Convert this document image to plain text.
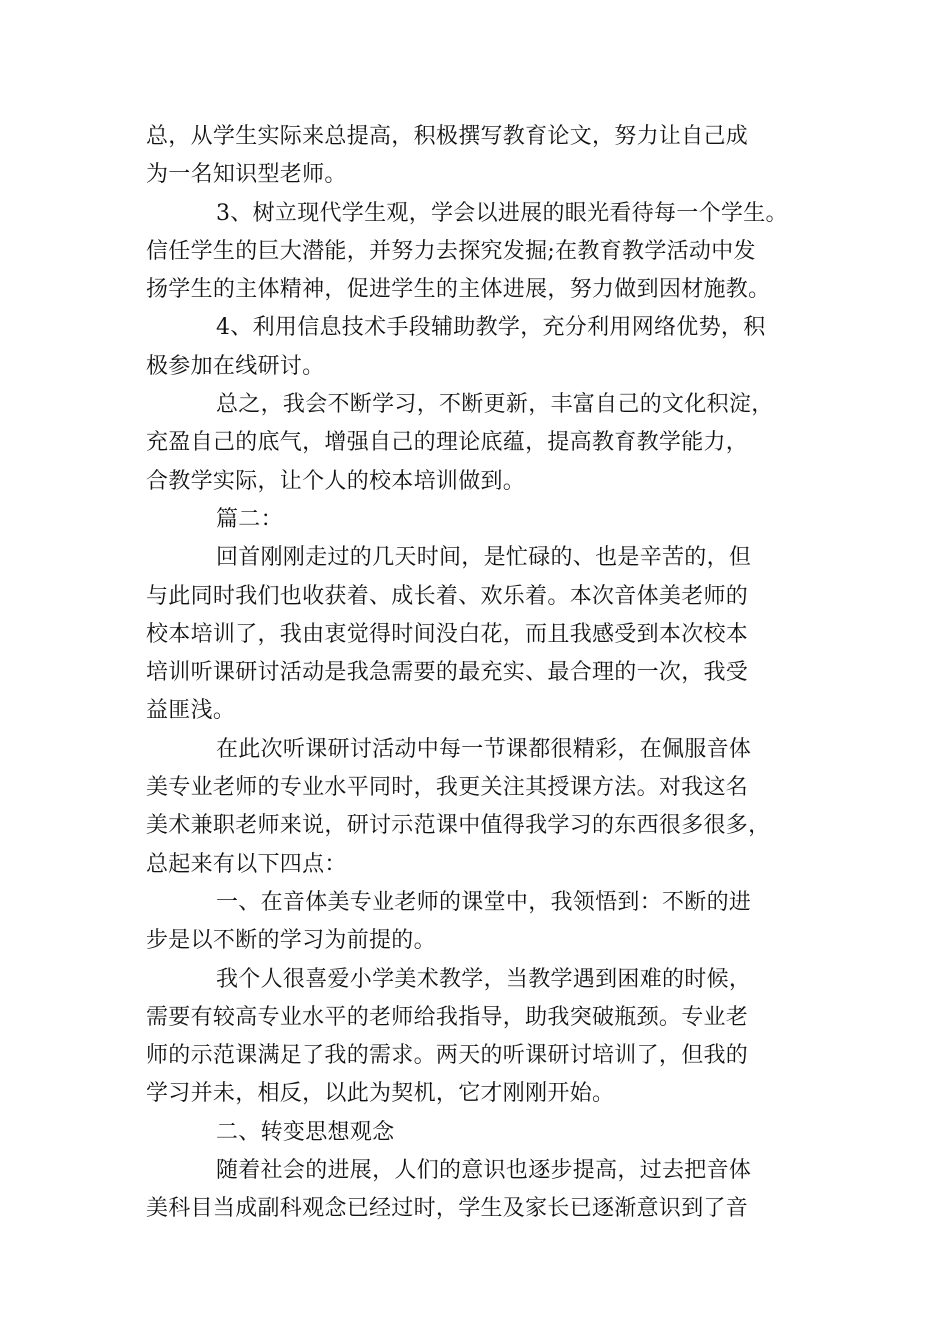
总，从学生实际来总提高，积极撰写教育论文，努力让自己成
为一名知识型老师。
3、树立现代学生观，学会以进展的眼光看待每一个学生。
信任学生的巨大潜能，并努力去探究发掘;在教育教学活动中发
扬学生的主体精神，促进学生的主体进展，努力做到因材施教。
4、利用信息技术手段辅助教学，充分利用网络优势，积
极参加在线研讨。
总之，我会不断学习，不断更新，丰富自己的文化积淀，
充盈自己的底气，增强自己的理论底蕴，提高教育教学能力，
合教学实际，让个人的校本培训做到。
篇二：
回首刚刚走过的几天时间，是忙碌的、也是辛苦的，但
与此同时我们也收获着、成长着、欢乐着。本次音体美老师的
校本培训了，我由衷觉得时间没白花，而且我感受到本次校本
培训听课研讨活动是我急需要的最充实、最合理的一次，我受
益匪浅。
在此次听课研讨活动中每一节课都很精彩，在佩服音体
美专业老师的专业水平同时，我更关注其授课方法。对我这名
美术兼职老师来说，研讨示范课中值得我学习的东西很多很多，
总起来有以下四点：
一、在音体美专业老师的课堂中，我领悟到：不断的进
步是以不断的学习为前提的。
我个人很喜爱小学美术教学，当教学遇到困难的时候，
需要有较高专业水平的老师给我指导，助我突破瓶颈。专业老
师的示范课满足了我的需求。两天的听课研讨培训了，但我的
学习并未，相反，以此为契机，它才刚刚开始。
二、转变思想观念
随着社会的进展，人们的意识也逐步提高，过去把音体
美科目当成副科观念已经过时，学生及家长已逐渐意识到了音
